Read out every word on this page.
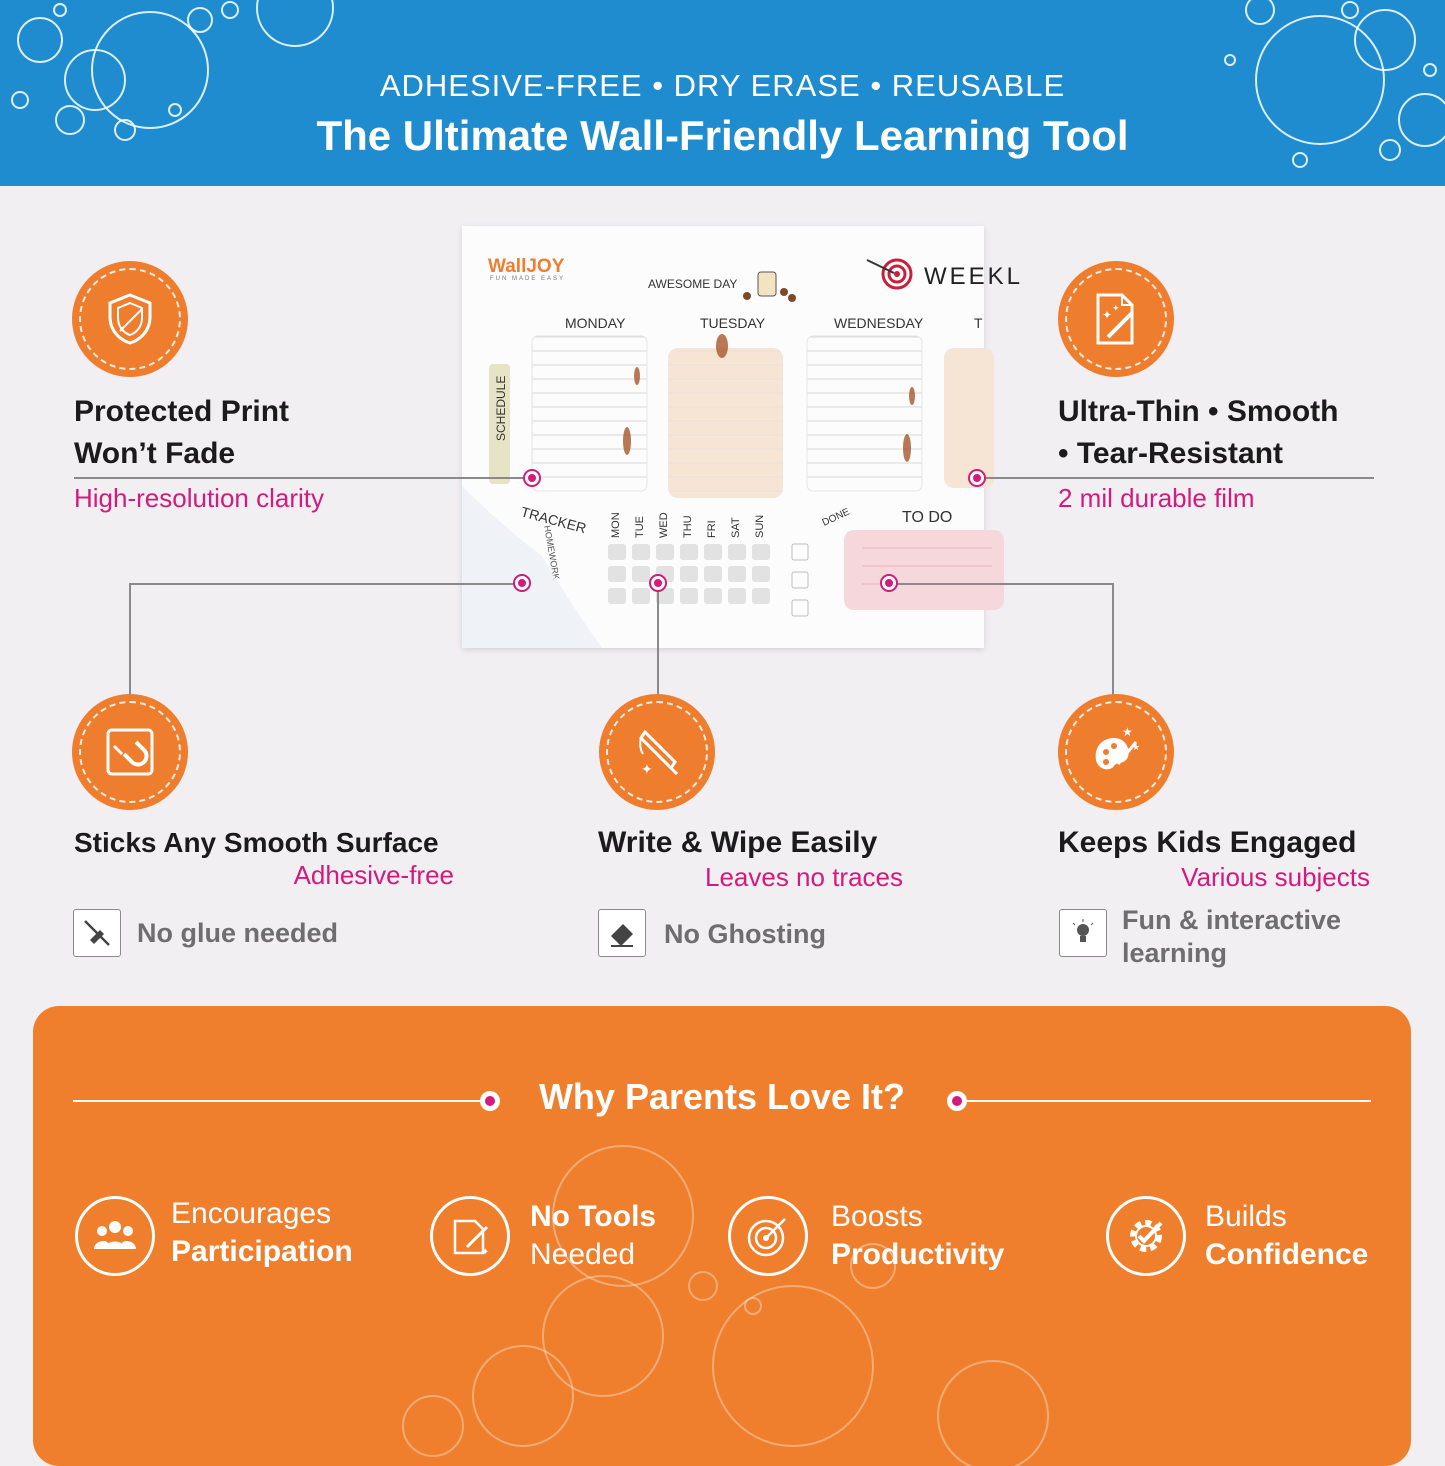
ADHESIVE-FREE • DRY ERASE • REUSABLE
The Ultimate Wall-Friendly Learning Tool
WallJOY
FUN MADE EASY	AWESOME DAY	WEEKL
SCHEDULE
MONDAY	TUESDAY	WEDNESDAY	T
TRACKER
HOMEWORK	MON TUE WED THU FRI SAT SUN	DONE	TO DO
Protected Print
Won’t Fade
High-resolution clarity
✦ ✦
Ultra-Thin • Smooth
• Tear-Resistant
2 mil durable film
Sticks Any Smooth Surface
Adhesive-free
No glue needed
✦
Write & Wipe Easily
Leaves no traces
No Ghosting
★
★
Keeps Kids Engaged
Various subjects
Fun & interactive
learning
Why Parents Love It?
Encourages
Participation	✦
No Tools
Needed
Boosts
Productivity
Builds
Confidence
